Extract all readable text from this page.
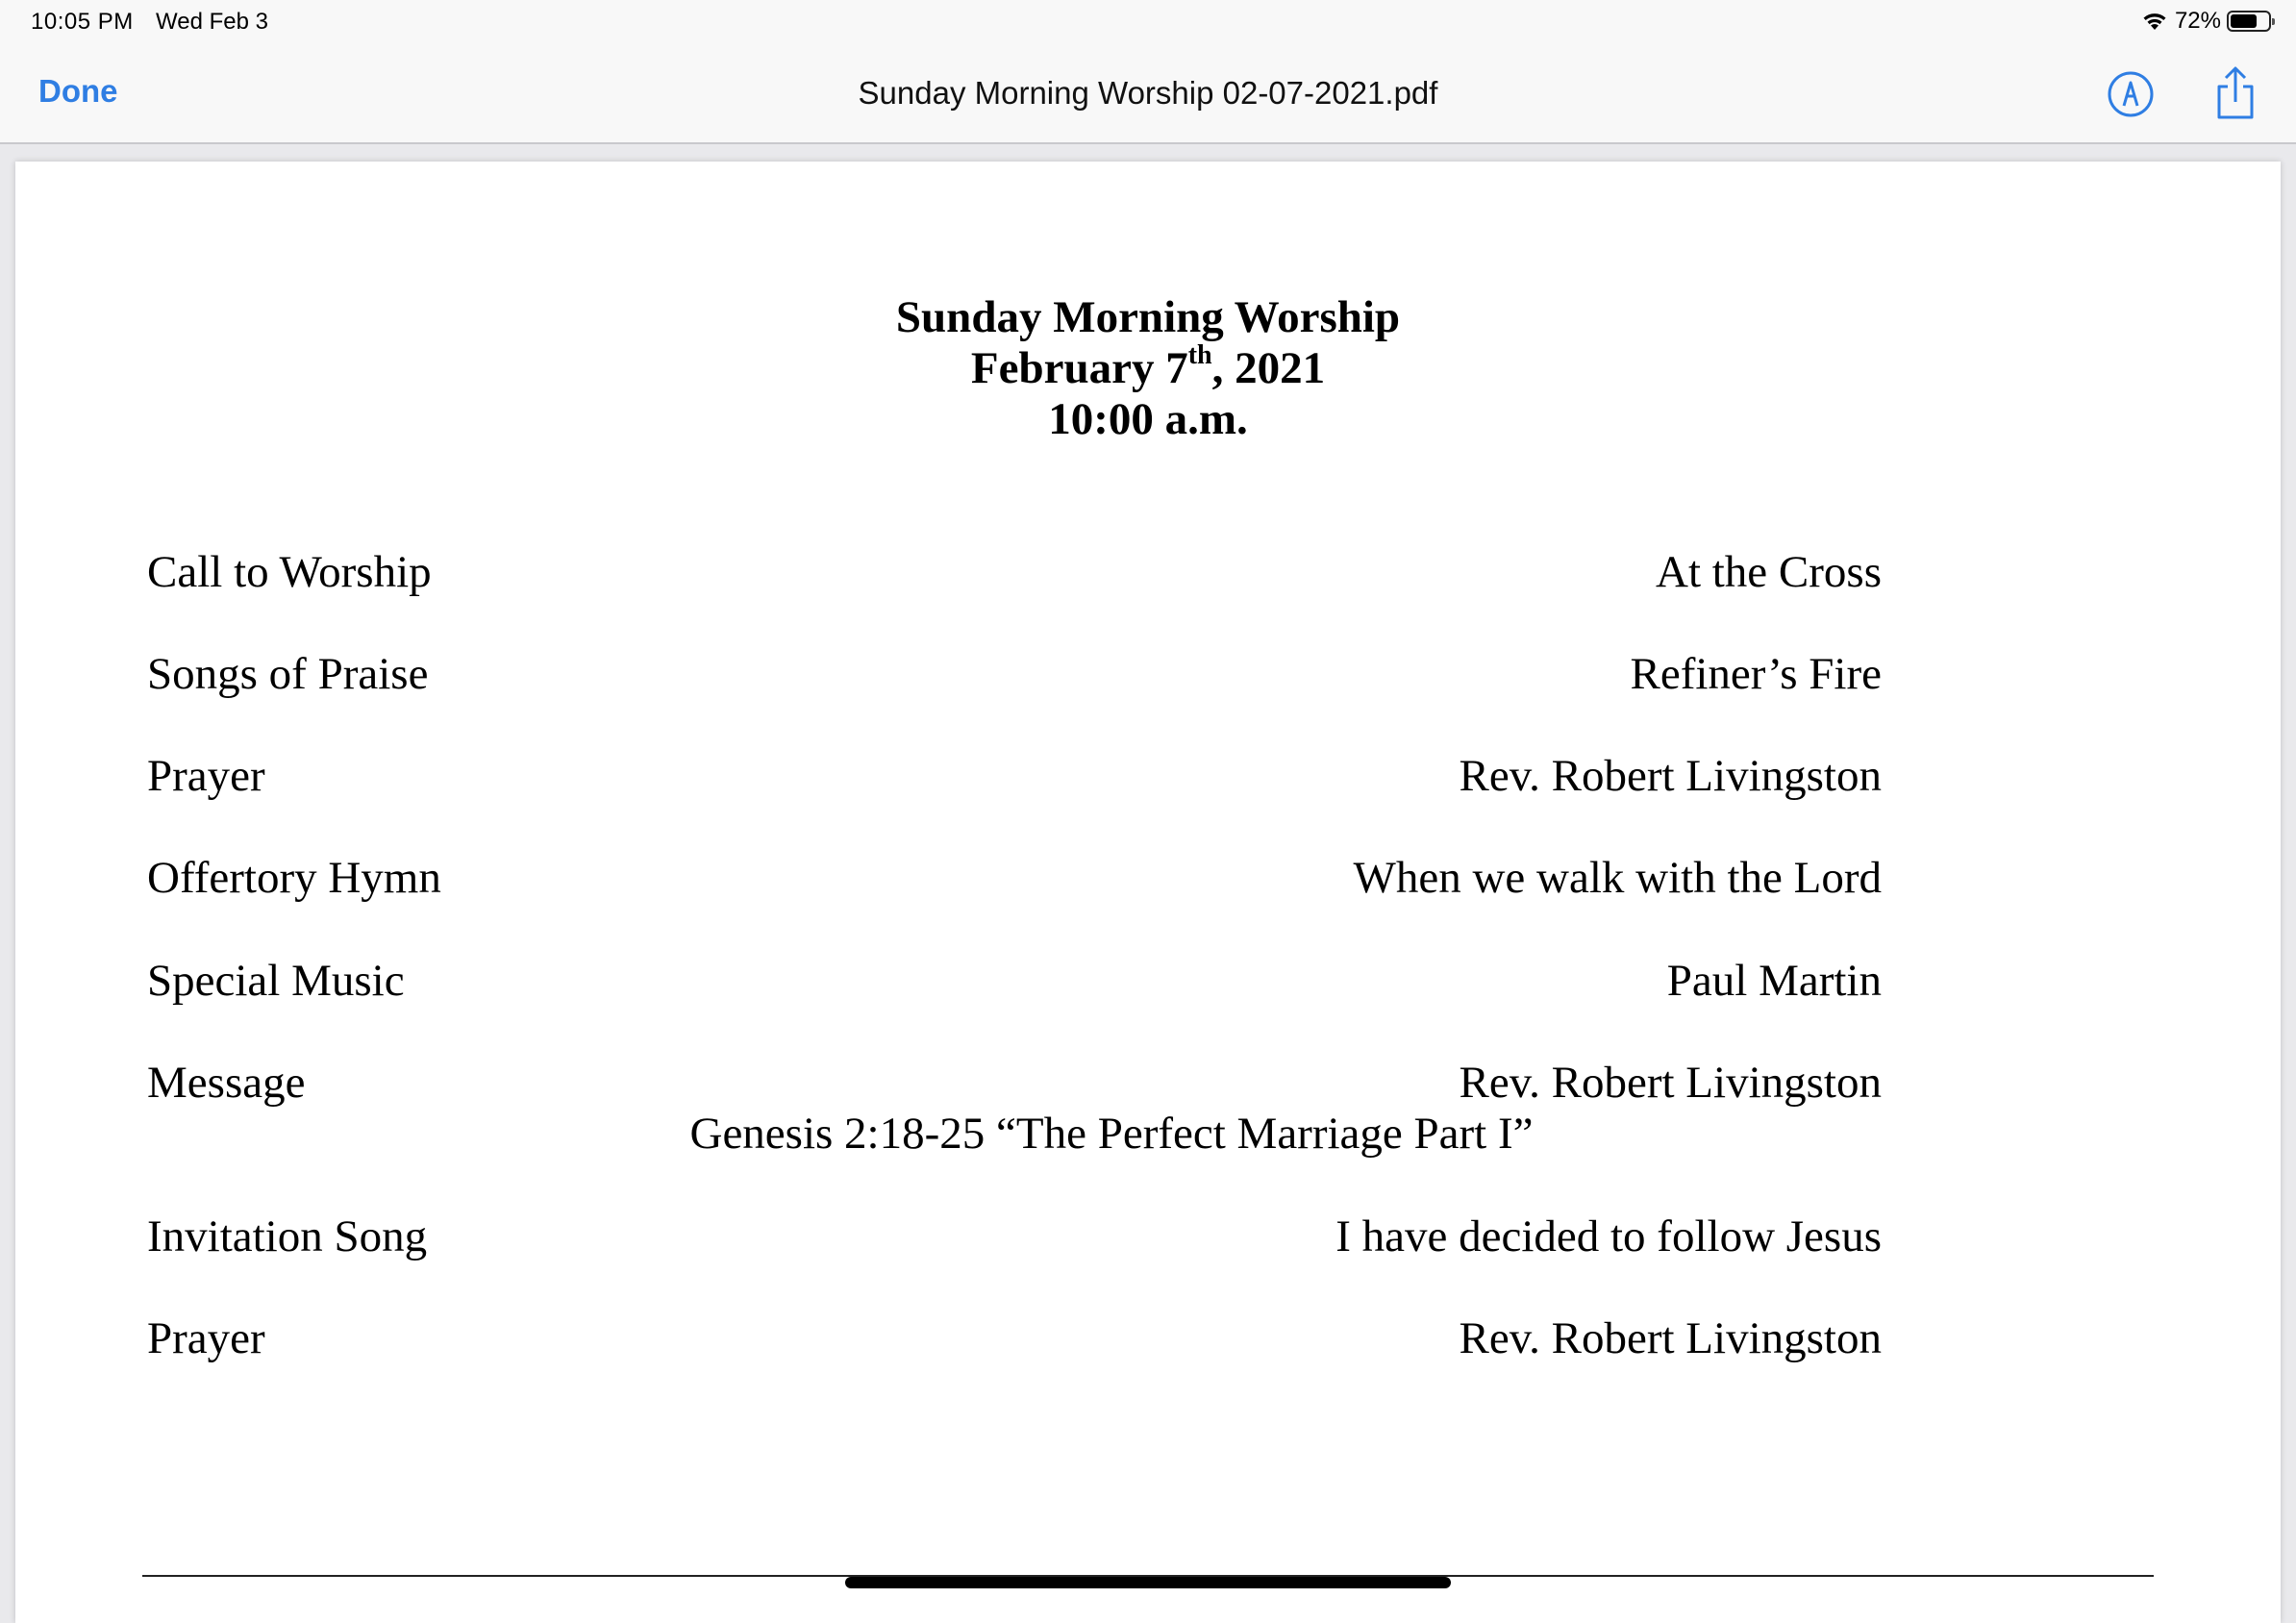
10:05 PM Wed Feb 3	72%
Done	Sunday Morning Worship 02-07-2021.pdf
Sunday Morning Worship
February 7th, 2021
10:00 a.m.
Call to Worship	At the Cross
Songs of Praise	Refiner’s Fire
Prayer	Rev. Robert Livingston
Offertory Hymn	When we walk with the Lord
Special Music	Paul Martin
Message	Rev. Robert Livingston
Genesis 2:18-25 “The Perfect Marriage Part I”
Invitation Song	I have decided to follow Jesus
Prayer	Rev. Robert Livingston
